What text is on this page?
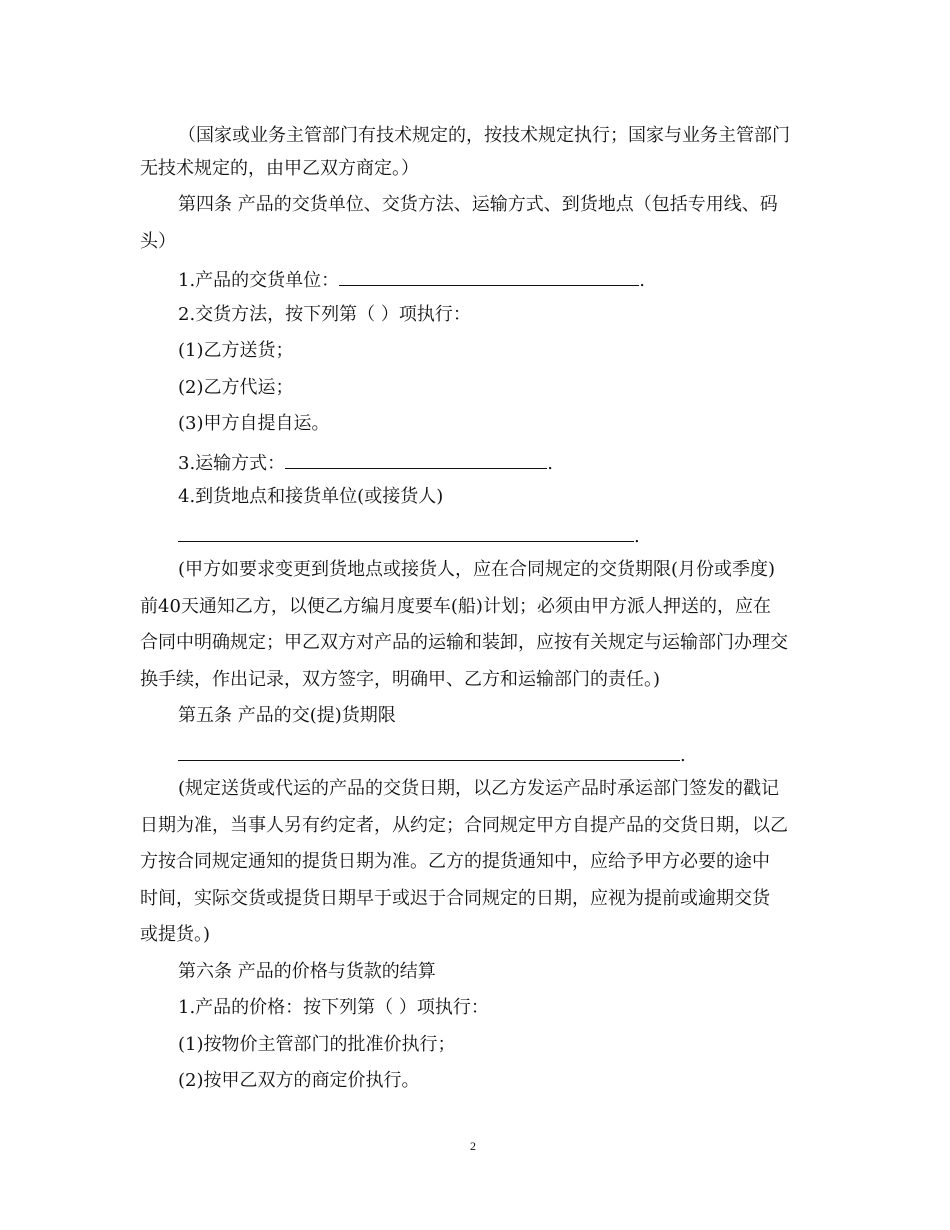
（国家或业务主管部门有技术规定的，按技术规定执行；国家与业务主管部门
无技术规定的，由甲乙双方商定。）
第四条 产品的交货单位、交货方法、运输方式、到货地点（包括专用线、码
头）
1.产品的交货单位：	.
2.交货方法，按下列第（ ）项执行：
(1)乙方送货；
(2)乙方代运；
(3)甲方自提自运。
3.运输方式：	.
4.到货地点和接货单位(或接货人)
.
(甲方如要求变更到货地点或接货人，应在合同规定的交货期限(月份或季度)
前40天通知乙方，以便乙方编月度要车(船)计划；必须由甲方派人押送的，应在
合同中明确规定；甲乙双方对产品的运输和装卸，应按有关规定与运输部门办理交
换手续，作出记录，双方签字，明确甲、乙方和运输部门的责任。)
第五条 产品的交(提)货期限
.
(规定送货或代运的产品的交货日期，以乙方发运产品时承运部门签发的戳记
日期为准，当事人另有约定者，从约定；合同规定甲方自提产品的交货日期，以乙
方按合同规定通知的提货日期为准。乙方的提货通知中，应给予甲方必要的途中
时间，实际交货或提货日期早于或迟于合同规定的日期，应视为提前或逾期交货
或提货。)
第六条 产品的价格与货款的结算
1.产品的价格：按下列第（ ）项执行：
(1)按物价主管部门的批准价执行；
(2)按甲乙双方的商定价执行。
2
